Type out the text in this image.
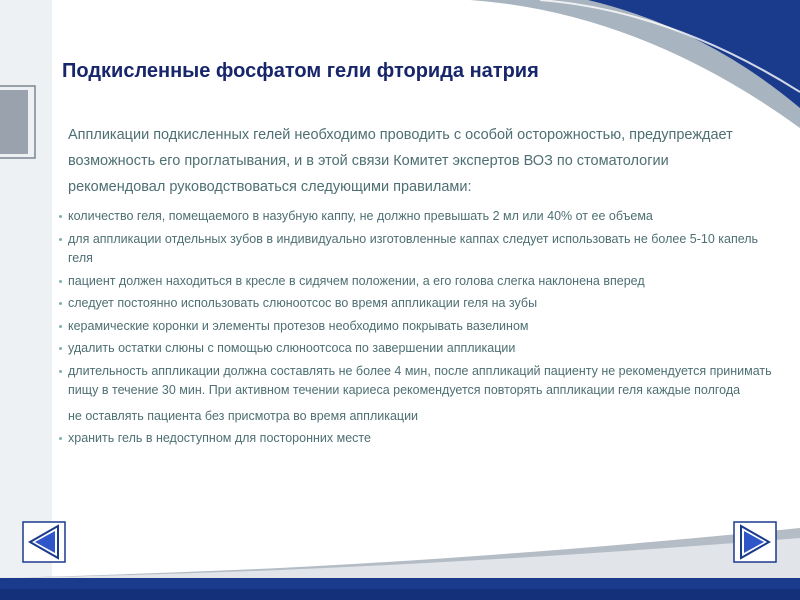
Подкисленные фосфатом гели фторида натрия
Аппликации подкисленных гелей необходимо проводить с особой осторожностью, предупреждает возможность его проглатывания, и в этой связи Комитет экспертов ВОЗ по стоматологии рекомендовал руководствоваться следующими правилами:
количество геля, помещаемого в назубную каппу, не должно превышать 2 мл или 40% от ее объема
для аппликации отдельных зубов в индивидуально изготовленные каппах следует использовать не более 5-10 капель геля
пациент должен находиться в кресле в сидячем положении, а его голова слегка наклонена вперед
следует постоянно использовать слюноотсос во время аппликации геля на зубы
керамические коронки и элементы протезов необходимо покрывать вазелином
удалить остатки слюны с помощью слюноотсоса по завершении аппликации
длительность аппликации должна составлять не более 4 мин, после аппликаций пациенту не рекомендуется принимать пищу в течение 30 мин. При активном течении кариеса рекомендуется повторять аппликации геля каждые полгода
не оставлять пациента без присмотра во время аппликации
хранить гель в недоступном для посторонних месте
